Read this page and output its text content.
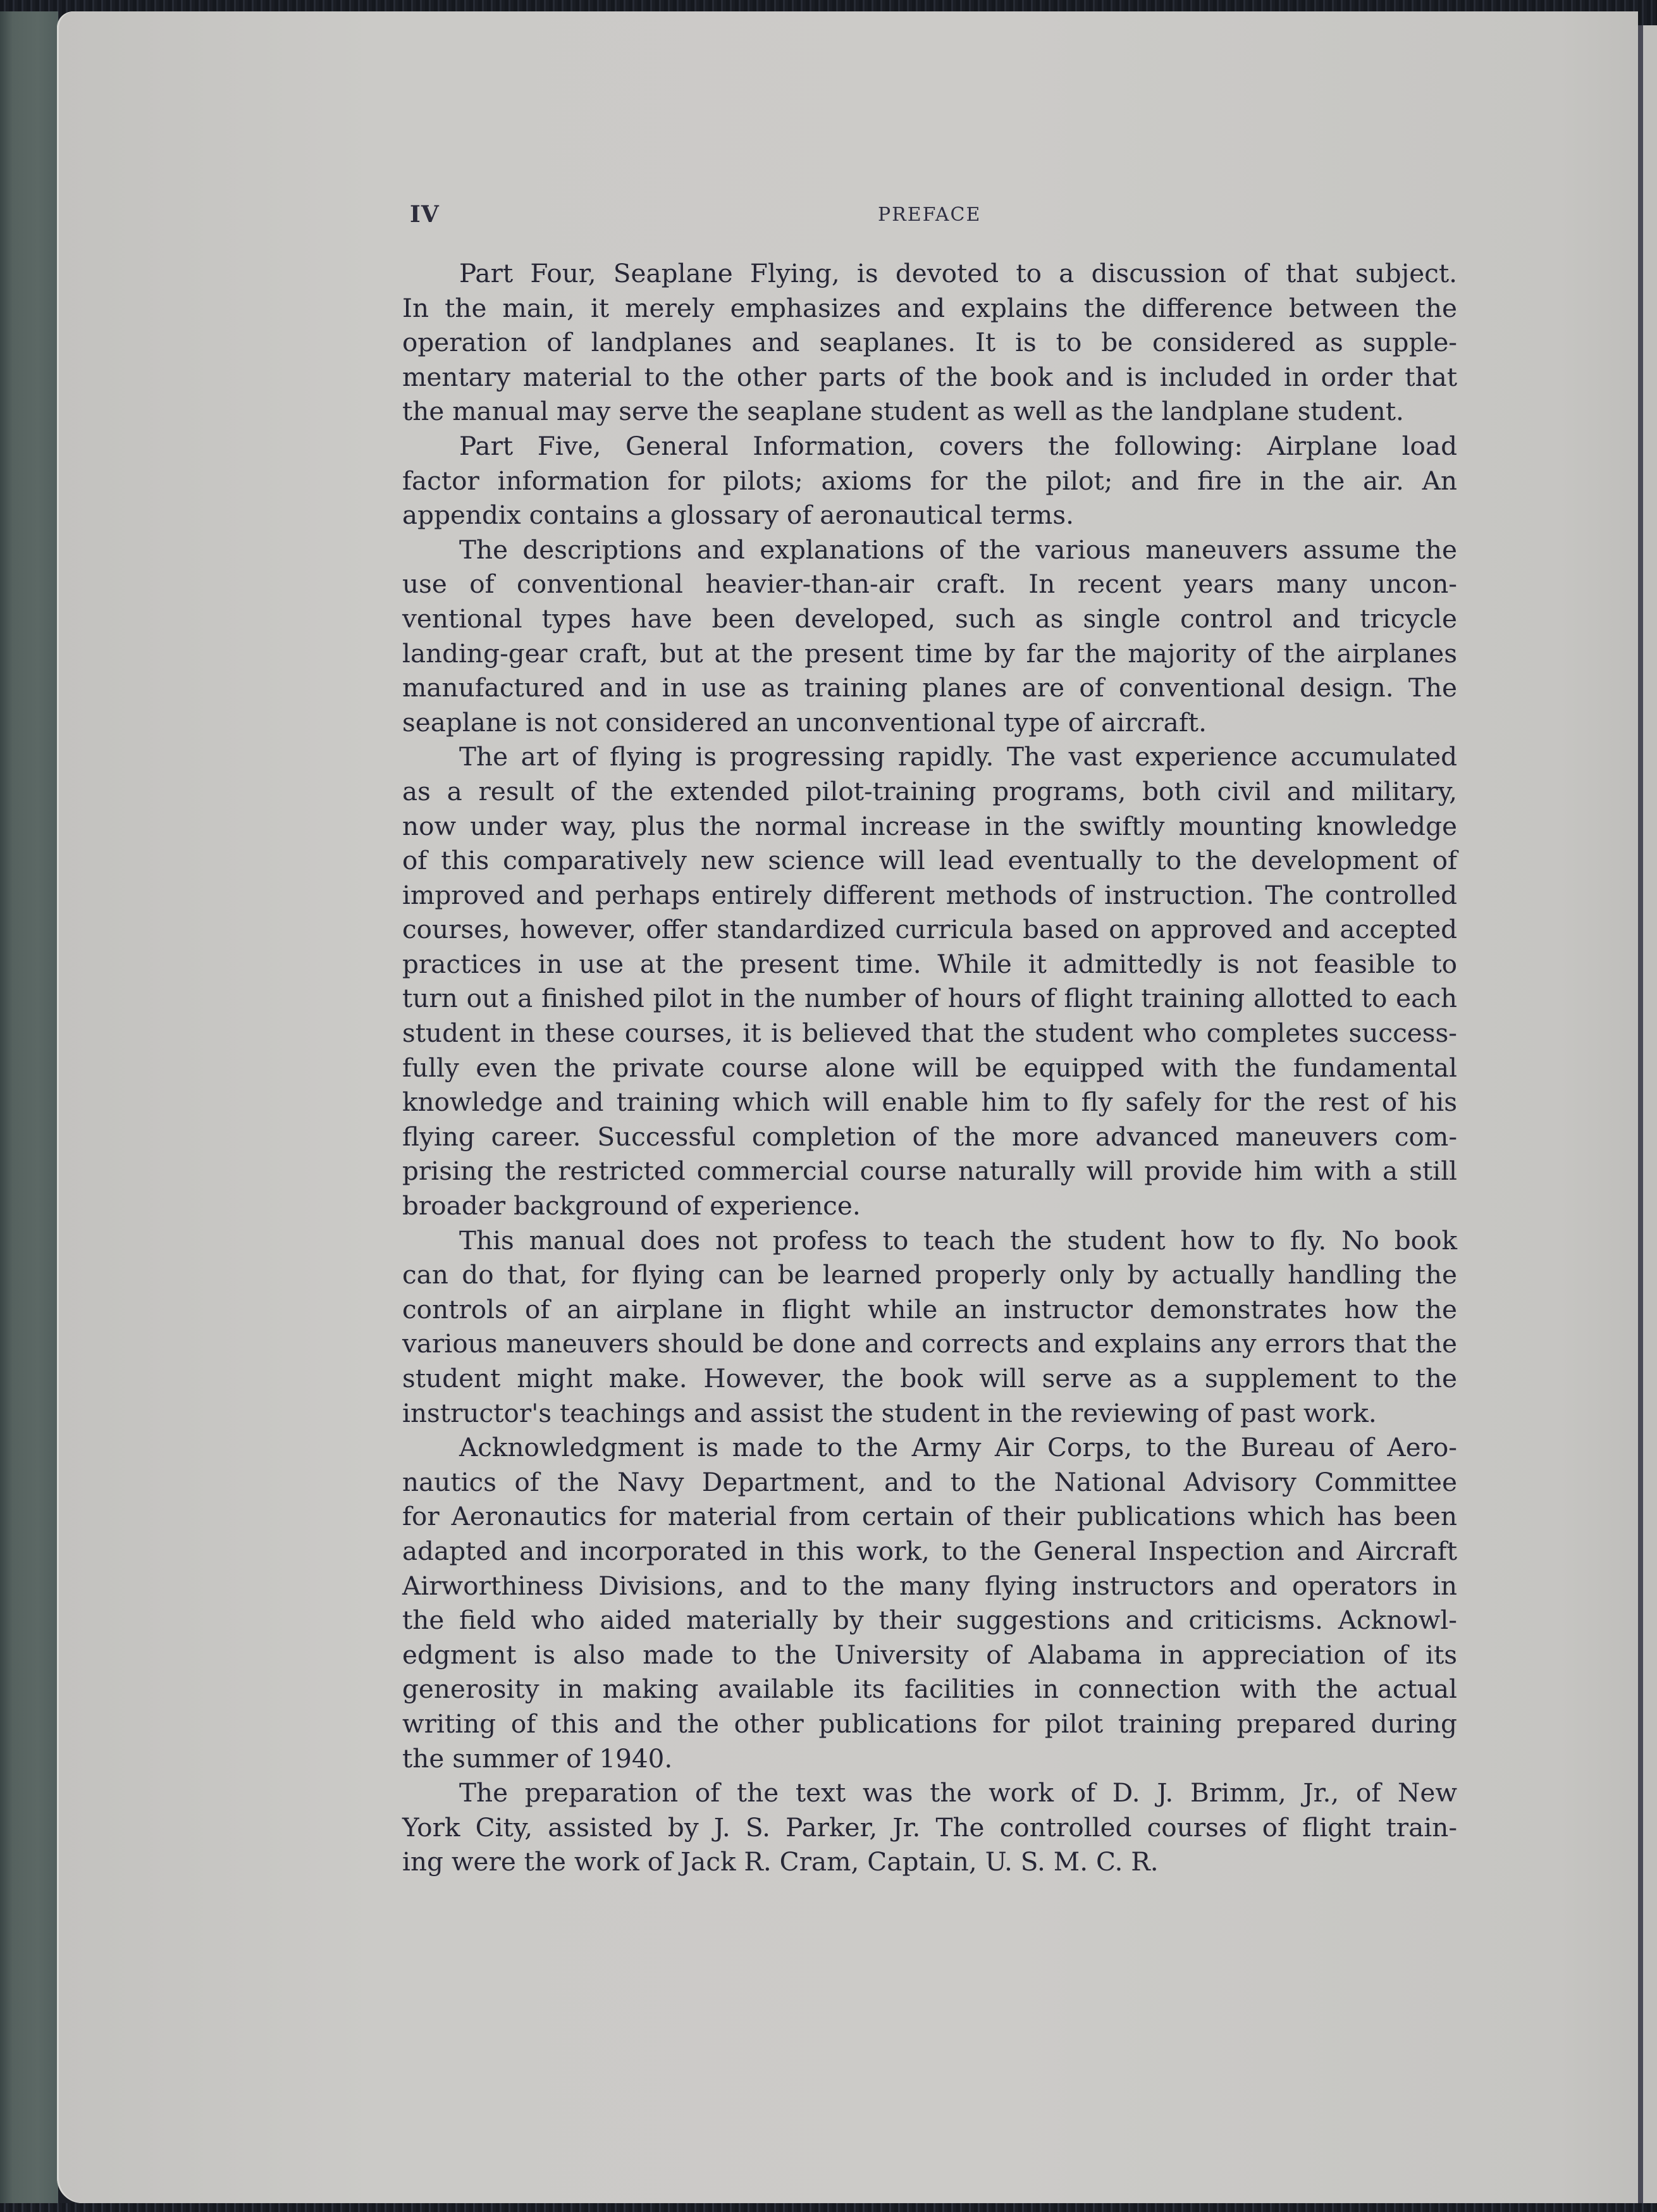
IV	PREFACE

Part Four, Seaplane Flying, is devoted to a discussion of that subject.
In the main, it merely emphasizes and explains the difference between the
operation of landplanes and seaplanes. It is to be considered as supple-
mentary material to the other parts of the book and is included in order that
the manual may serve the seaplane student as well as the landplane student.

Part Five, General Information, covers the following: Airplane load
factor information for pilots; axioms for the pilot; and fire in the air. An
appendix contains a glossary of aeronautical terms.

The descriptions and explanations of the various maneuvers assume the
use of conventional heavier-than-air craft. In recent years many uncon-
ventional types have been developed, such as single control and tricycle
landing-gear craft, but at the present time by far the majority of the airplanes
manufactured and in use as training planes are of conventional design. The
seaplane is not considered an unconventional type of aircraft.

The art of flying is progressing rapidly. The vast experience accumulated
as a result of the extended pilot-training programs, both civil and military,
now under way, plus the normal increase in the swiftly mounting knowledge
of this comparatively new science will lead eventually to the development of
improved and perhaps entirely different methods of instruction. The controlled
courses, however, offer standardized curricula based on approved and accepted
practices in use at the present time. While it admittedly is not feasible to
turn out a finished pilot in the number of hours of flight training allotted to each
student in these courses, it is believed that the student who completes success-
fully even the private course alone will be equipped with the fundamental
knowledge and training which will enable him to fly safely for the rest of his
flying career. Successful completion of the more advanced maneuvers com-
prising the restricted commercial course naturally will provide him with a still
broader background of experience.

This manual does not profess to teach the student how to fly. No book
can do that, for flying can be learned properly only by actually handling the
controls of an airplane in flight while an instructor demonstrates how the
various maneuvers should be done and corrects and explains any errors that the
student might make. However, the book will serve as a supplement to the
instructor's teachings and assist the student in the reviewing of past work.

Acknowledgment is made to the Army Air Corps, to the Bureau of Aero-
nautics of the Navy Department, and to the National Advisory Committee
for Aeronautics for material from certain of their publications which has been
adapted and incorporated in this work, to the General Inspection and Aircraft
Airworthiness Divisions, and to the many flying instructors and operators in
the field who aided materially by their suggestions and criticisms. Acknowl-
edgment is also made to the University of Alabama in appreciation of its
generosity in making available its facilities in connection with the actual
writing of this and the other publications for pilot training prepared during
the summer of 1940.

The preparation of the text was the work of D. J. Brimm, Jr., of New
York City, assisted by J. S. Parker, Jr. The controlled courses of flight train-
ing were the work of Jack R. Cram, Captain, U. S. M. C. R.
